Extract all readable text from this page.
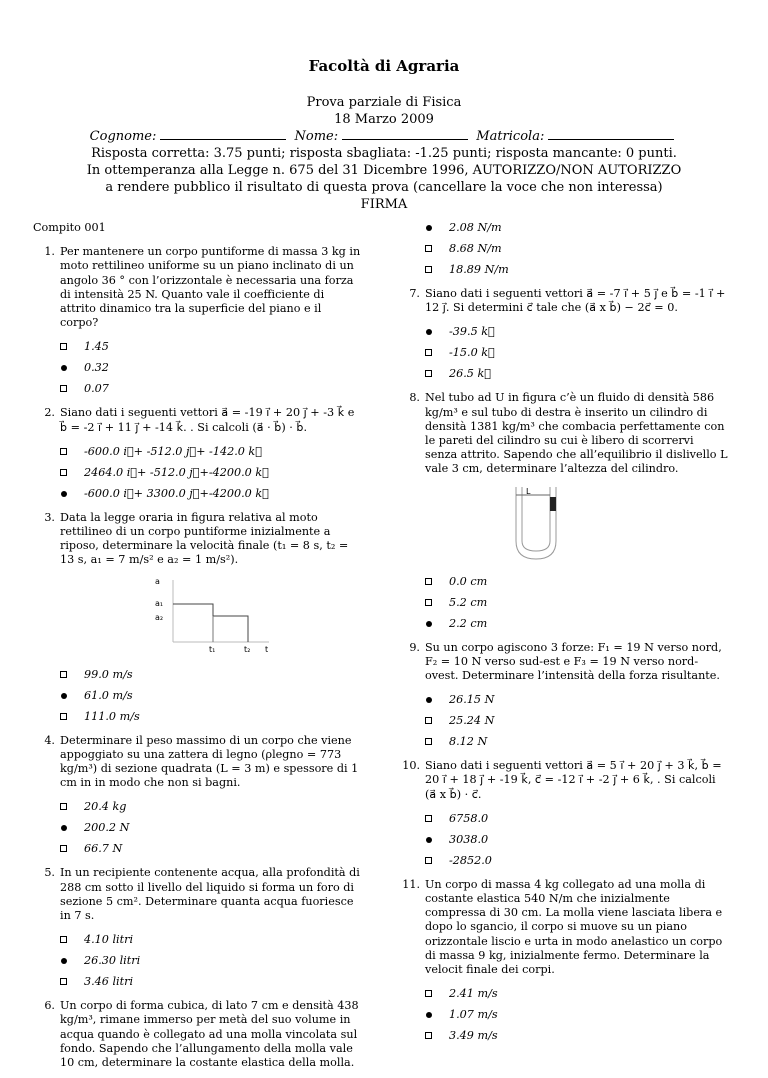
Facoltà di Agraria
Prova parziale di Fisica
18 Marzo 2009
Cognome:	Nome:	Matricola:
Risposta corretta: 3.75 punti; risposta sbagliata: -1.25 punti; risposta mancante: 0 punti.
In ottemperanza alla Legge n. 675 del 31 Dicembre 1996, AUTORIZZO/NON AUTORIZZO
a rendere pubblico il risultato di questa prova (cancellare la voce che non interessa)
FIRMA
Compito 001
1. Per mantenere un corpo puntiforme di massa 3 kg in moto rettilineo uniforme su un piano inclinato di un angolo 36 ° con l’orizzontale è necessaria una forza di intensità 25 N. Quanto vale il coefficiente di attrito dinamico tra la superficie del piano e il corpo?
1.45
0.32
0.07
2. Siano dati i seguenti vettori a⃗ = -19 i⃗ + 20 j⃗ + -3 k⃗ e b⃗ = -2 i⃗ + 11 j⃗ + -14 k⃗. . Si calcoli (a⃗ · b⃗) · b⃗.
-600.0 i⃗+ -512.0 j⃗+ -142.0 k⃗
2464.0 i⃗+ -512.0 j⃗+-4200.0 k⃗
-600.0 i⃗+ 3300.0 j⃗+-4200.0 k⃗
3. Data la legge oraria in figura relativa al moto rettilineo di un corpo puntiforme inizialmente a riposo, determinare la velocità finale (t₁ = 8 s, t₂ = 13 s, a₁ = 7 m/s² e a₂ = 1 m/s²).
a
a₁
a₂
t₁	t₂ t
99.0 m/s
61.0 m/s
111.0 m/s
4. Determinare il peso massimo di un corpo che viene appoggiato su una zattera di legno (ρlegno = 773 kg/m³) di sezione quadrata (L = 3 m) e spessore di 1 cm in in modo che non si bagni.
20.4 kg
200.2 N
66.7 N
5. In un recipiente contenente acqua, alla profondità di 288 cm sotto il livello del liquido si forma un foro di sezione 5 cm². Determinare quanta acqua fuoriesce in 7 s.
4.10 litri
26.30 litri
3.46 litri
6. Un corpo di forma cubica, di lato 7 cm e densità 438 kg/m³, rimane immerso per metà del suo volume in acqua quando è collegato ad una molla vincolata sul fondo. Sapendo che l’allungamento della molla vale 10 cm, determinare la costante elastica della molla.
2.08 N/m
8.68 N/m
18.89 N/m
7. Siano dati i seguenti vettori a⃗ = -7 i⃗ + 5 j⃗ e b⃗ = -1 i⃗ + 12 j⃗. Si determini c⃗ tale che (a⃗ x b⃗) − 2c⃗ = 0.
-39.5 k⃗
-15.0 k⃗
26.5 k⃗
8. Nel tubo ad U in figura c’è un fluido di densità 586 kg/m³ e sul tubo di destra è inserito un cilindro di densità 1381 kg/m³ che combacia perfettamente con le pareti del cilindro su cui è libero di scorrervi senza attrito. Sapendo che all’equilibrio il dislivello L vale 3 cm, determinare l’altezza del cilindro.
L
0.0 cm
5.2 cm
2.2 cm
9. Su un corpo agiscono 3 forze: F₁ = 19 N verso nord, F₂ = 10 N verso sud-est e F₃ = 19 N verso nord-ovest. Determinare l’intensità della forza risultante.
26.15 N
25.24 N
8.12 N
10. Siano dati i seguenti vettori a⃗ = 5 i⃗ + 20 j⃗ + 3 k⃗, b⃗ = 20 i⃗ + 18 j⃗ + -19 k⃗, c⃗ = -12 i⃗ + -2 j⃗ + 6 k⃗, . Si calcoli (a⃗ x b⃗) · c⃗.
6758.0
3038.0
-2852.0
11. Un corpo di massa 4 kg collegato ad una molla di costante elastica 540 N/m che inizialmente compressa di 30 cm. La molla viene lasciata libera e dopo lo sgancio, il corpo si muove su un piano orizzontale liscio e urta in modo anelastico un corpo di massa 9 kg, inizialmente fermo. Determinare la velocit finale dei corpi.
2.41 m/s
1.07 m/s
3.49 m/s
